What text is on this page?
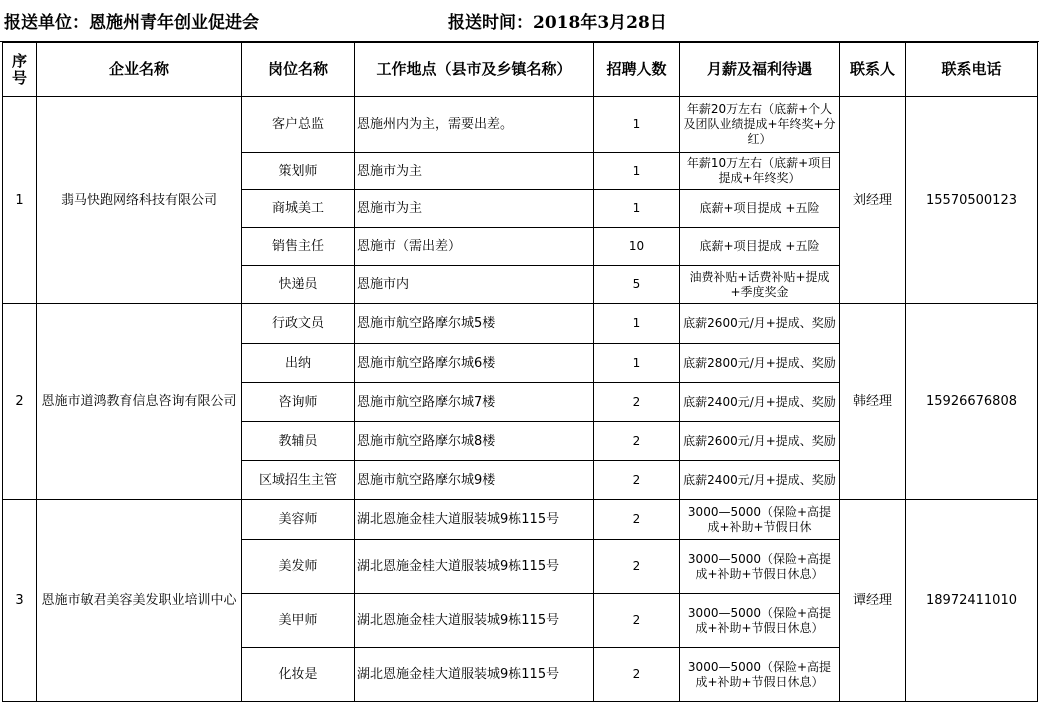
报送单位：恩施州青年创业促进会	报送时间：2018年3月28日
序号	企业名称	岗位名称	工作地点（县市及乡镇名称）	招聘人数	月薪及福利待遇	联系人	联系电话
1	翡马快跑网络科技有限公司	客户总监	恩施州内为主，需要出差。	1	年薪20万左右（底薪+个人及团队业绩提成+年终奖+分红）	刘经理	15570500123
		策划师	恩施市为主	1	年薪10万左右（底薪+项目提成+年终奖）		
		商城美工	恩施市为主	1	底薪+项目提成 +五险		
		销售主任	恩施市（需出差）	10	底薪+项目提成 +五险		
		快递员	恩施市内	5	油费补贴+话费补贴+提成+季度奖金		
2	恩施市道鸿教育信息咨询有限公司	行政文员	恩施市航空路摩尔城5楼	1	底薪2600元/月+提成、奖励	韩经理	15926676808
		出纳	恩施市航空路摩尔城6楼	1	底薪2800元/月+提成、奖励		
		咨询师	恩施市航空路摩尔城7楼	2	底薪2400元/月+提成、奖励		
		教辅员	恩施市航空路摩尔城8楼	2	底薪2600元/月+提成、奖励		
		区域招生主管	恩施市航空路摩尔城9楼	2	底薪2400元/月+提成、奖励		
3	恩施市敏君美容美发职业培训中心	美容师	湖北恩施金桂大道服装城9栋115号	2	3000—5000（保险+高提成+补助+节假日休	谭经理	18972411010
		美发师	湖北恩施金桂大道服装城9栋115号	2	3000—5000（保险+高提成+补助+节假日休息）		
		美甲师	湖北恩施金桂大道服装城9栋115号	2	3000—5000（保险+高提成+补助+节假日休息）		
		化妆是	湖北恩施金桂大道服装城9栋115号	2	3000—5000（保险+高提成+补助+节假日休息）		
